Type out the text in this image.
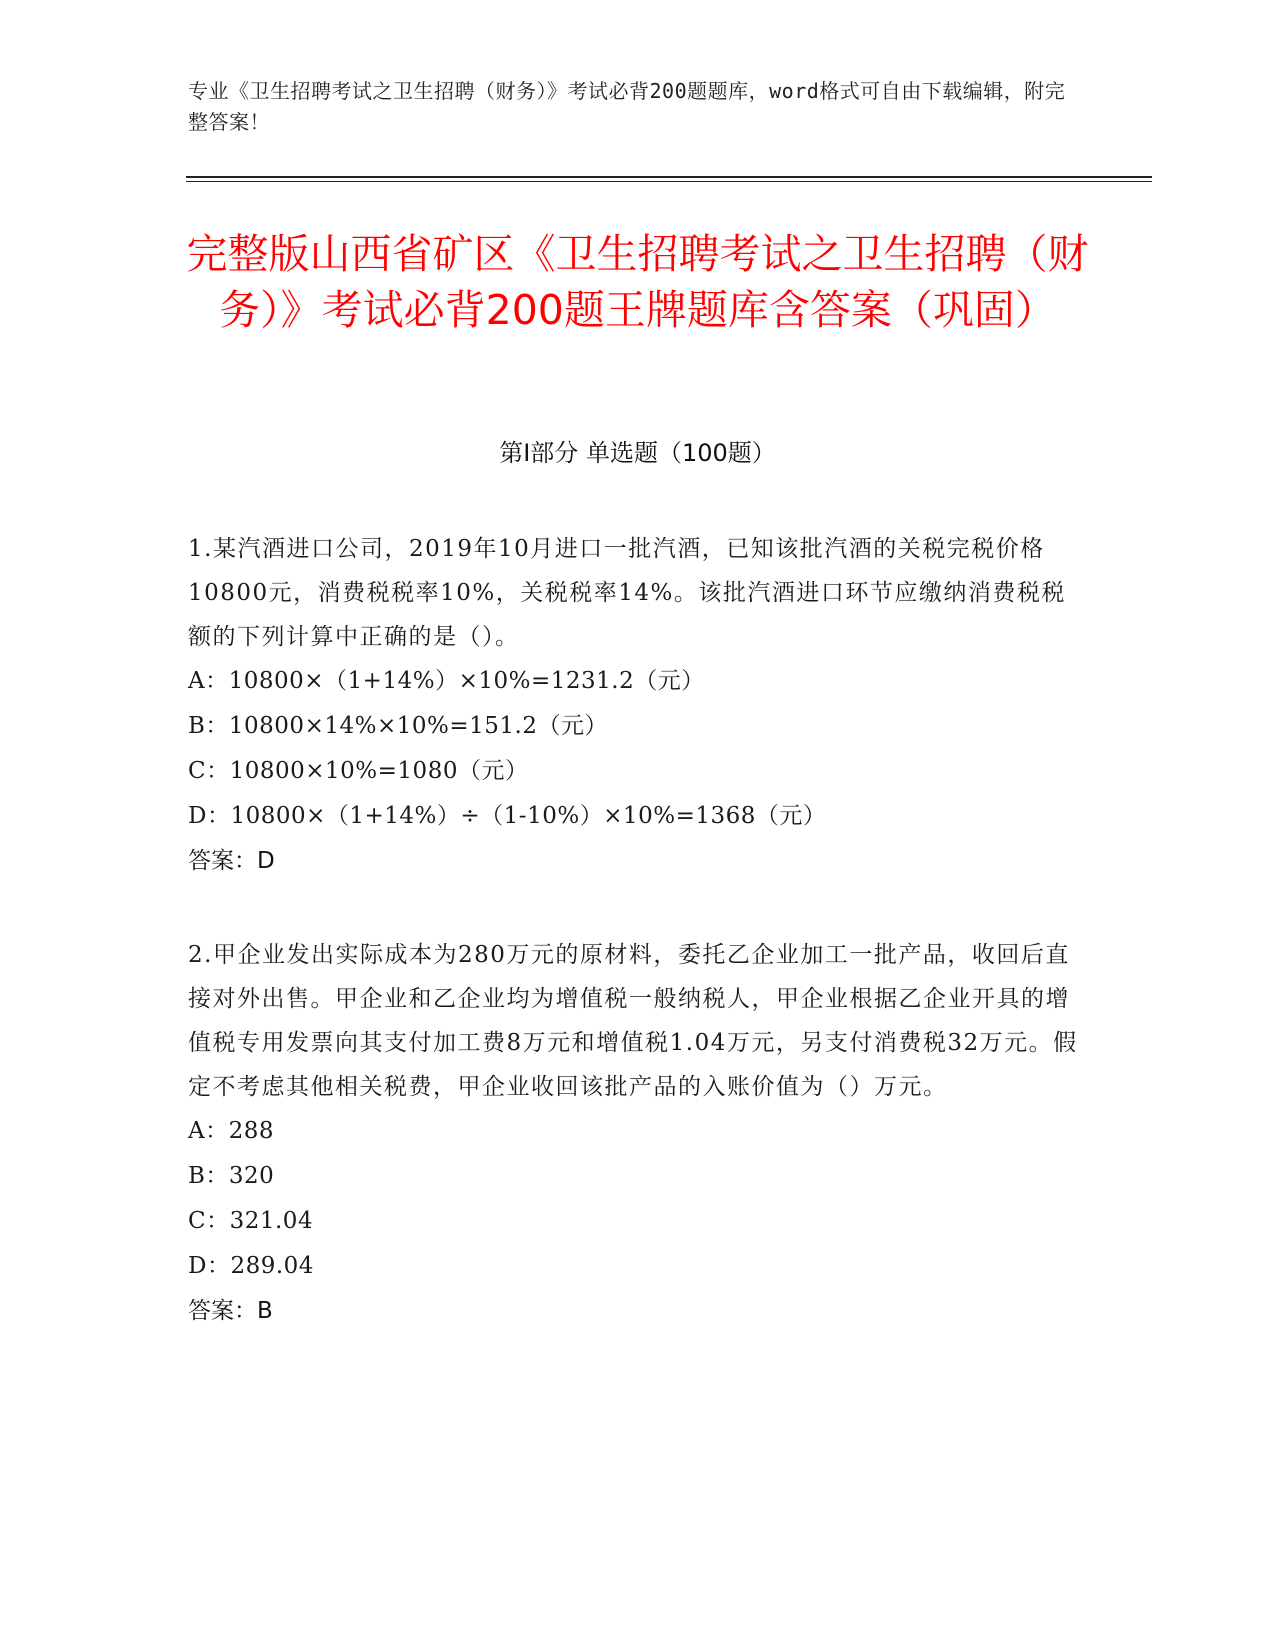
专业《卫生招聘考试之卫生招聘（财务）》考试必背200题题库，word格式可自由下载编辑，附完整答案！
完整版山西省矿区《卫生招聘考试之卫生招聘（财务）》考试必背200题王牌题库含答案（巩固）
第Ⅰ部分 单选题（100题）
1.某汽酒进口公司，2019年10月进口一批汽酒，已知该批汽酒的关税完税价格10800元，消费税税率10%，关税税率14%。该批汽酒进口环节应缴纳消费税税额的下列计算中正确的是（）。
A：10800×（1+14%）×10%=1231.2（元）
B：10800×14%×10%=151.2（元）
C：10800×10%=1080（元）
D：10800×（1+14%）÷（1-10%）×10%=1368（元）
答案：D
2.甲企业发出实际成本为280万元的原材料，委托乙企业加工一批产品，收回后直接对外出售。甲企业和乙企业均为增值税一般纳税人，甲企业根据乙企业开具的增值税专用发票向其支付加工费8万元和增值税1.04万元，另支付消费税32万元。假定不考虑其他相关税费，甲企业收回该批产品的入账价值为（）万元。
A：288
B：320
C：321.04
D：289.04
答案：B
